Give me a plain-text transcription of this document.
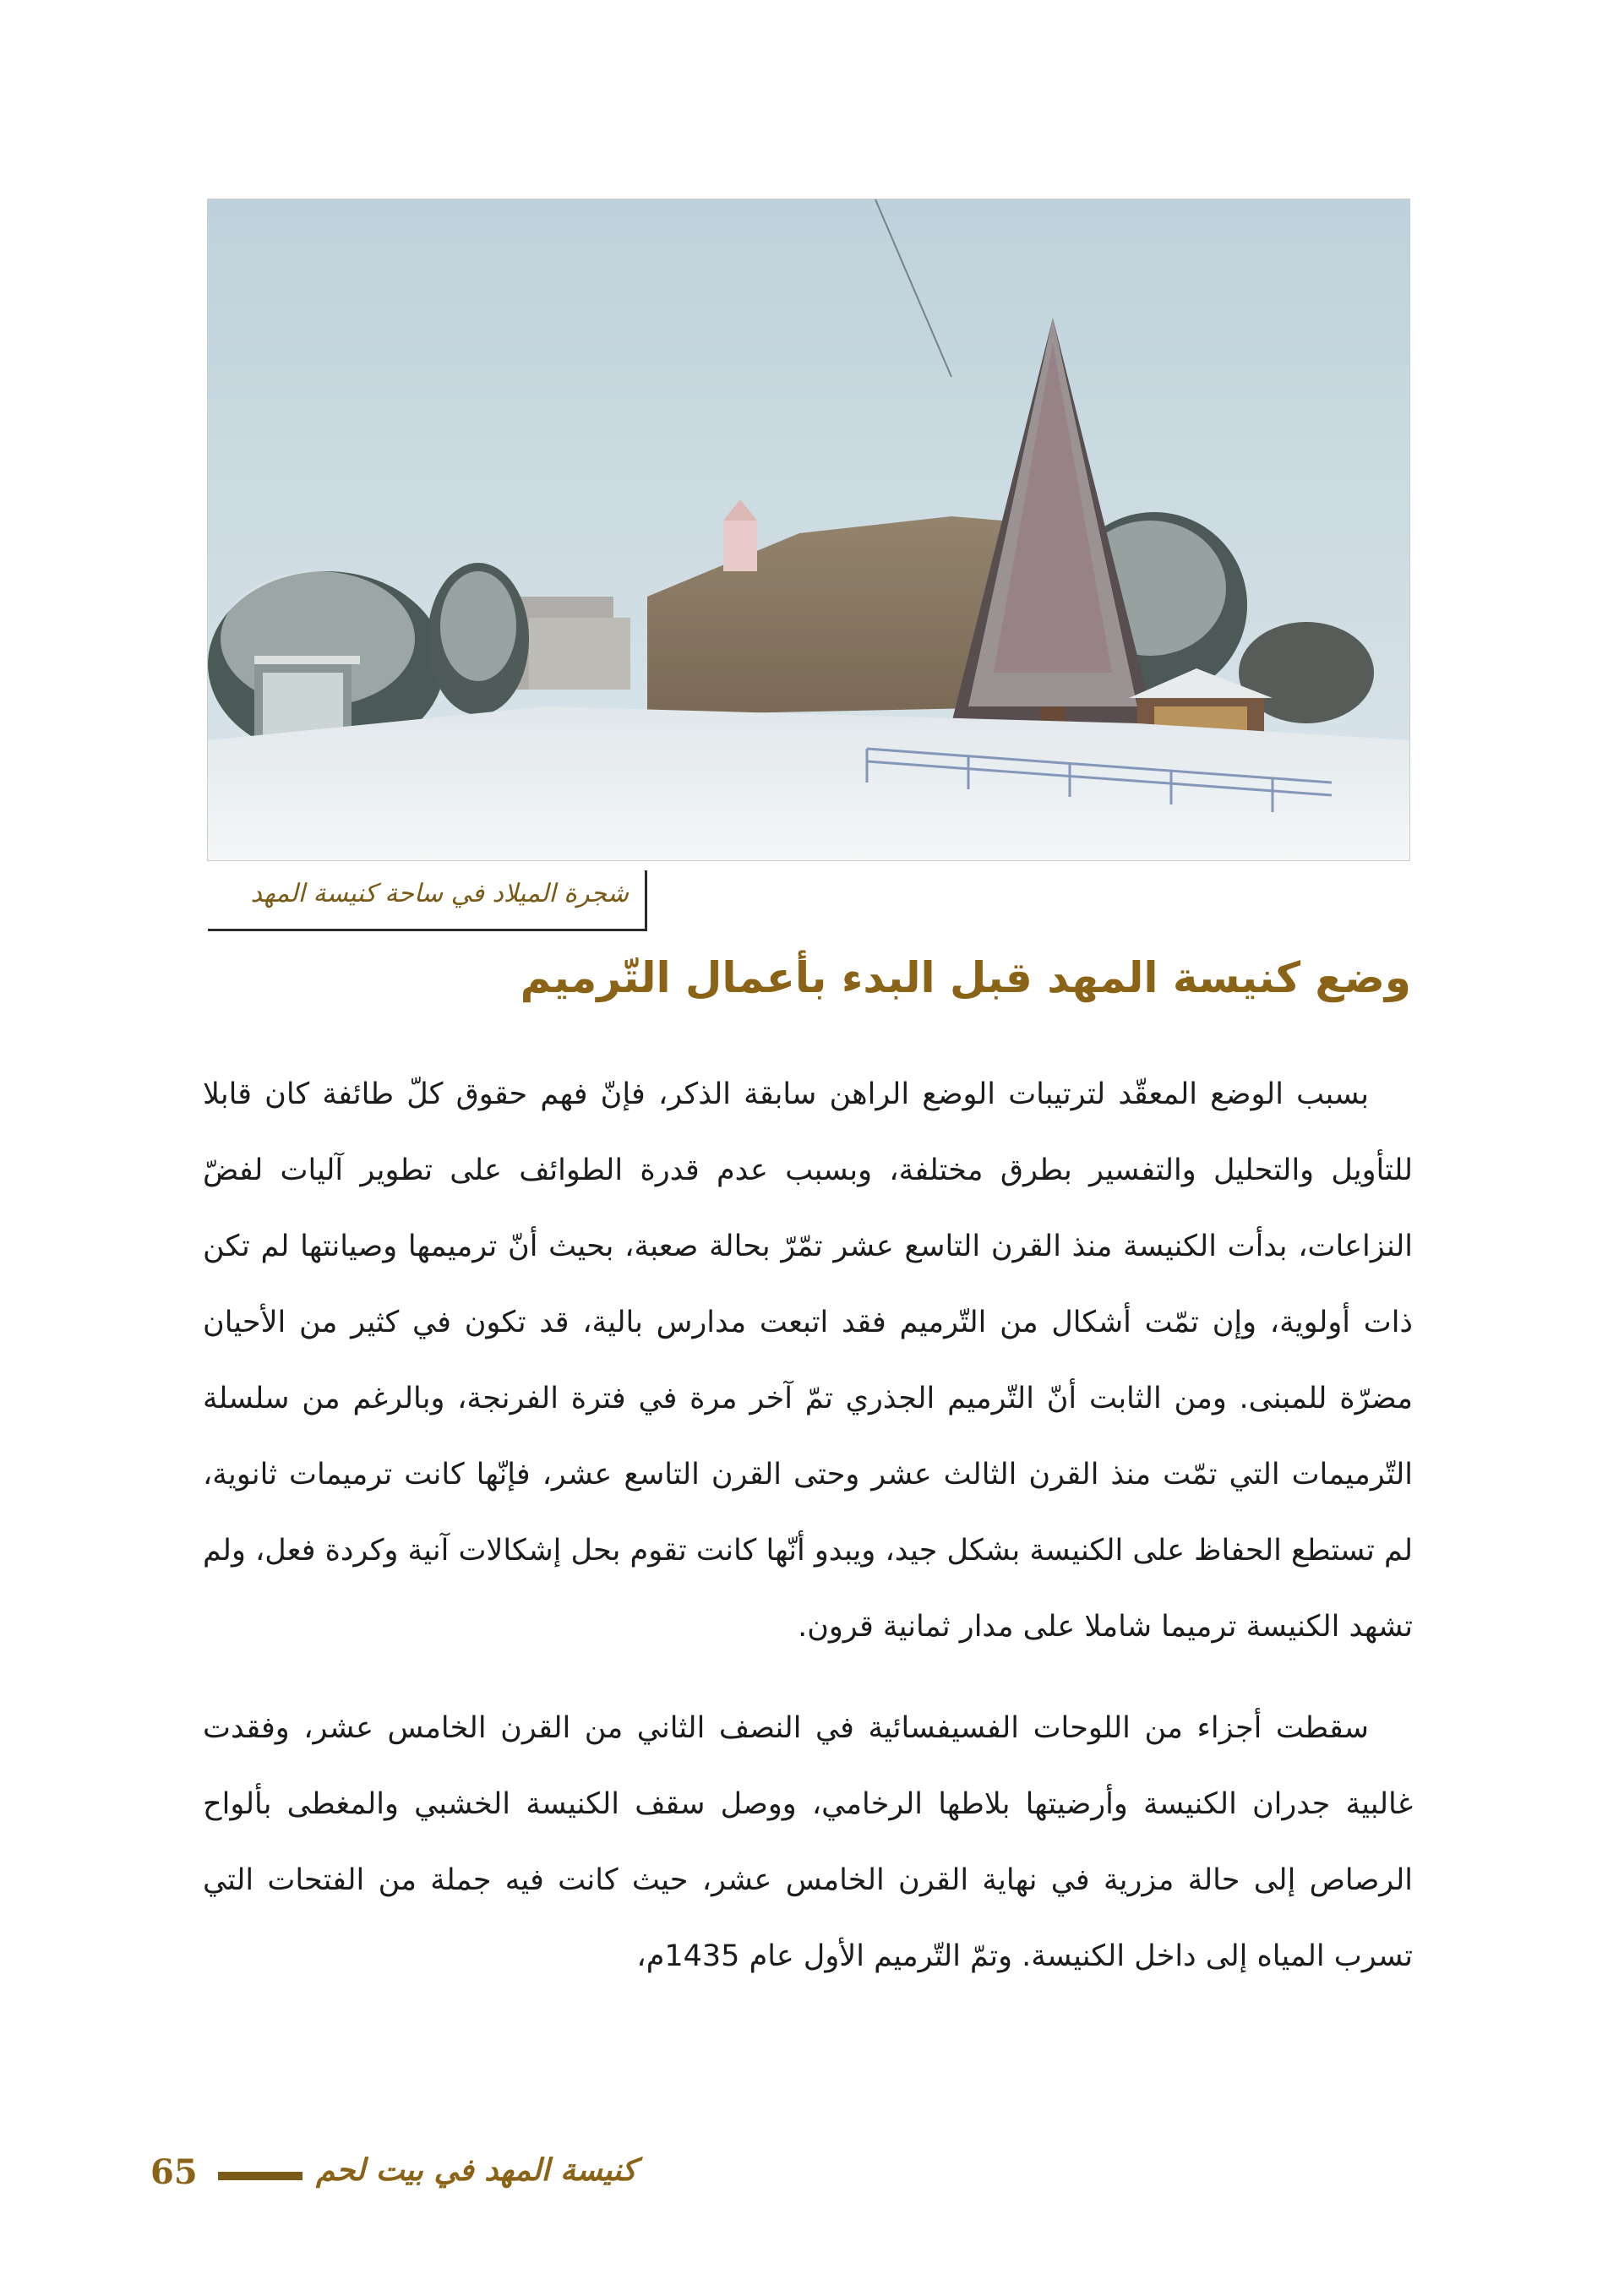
شجرة الميلاد في ساحة كنيسة المهد
وضع كنيسة المهد قبل البدء بأعمال التّرميم

بسبب الوضع المعقّد لترتيبات الوضع الراهن سابقة الذكر، فإنّ فهم حقوق كلّ طائفة كان قابلا للتأويل والتحليل والتفسير بطرق مختلفة، وبسبب عدم قدرة الطوائف على تطوير آليات لفضّ النزاعات، بدأت الكنيسة منذ القرن التاسع عشر تمّرّ بحالة صعبة، بحيث أنّ ترميمها وصيانتها لم تكن ذات أولوية، وإن تمّت أشكال من التّرميم فقد اتبعت مدارس بالية، قد تكون في كثير من الأحيان مضرّة للمبنى. ومن الثابت أنّ التّرميم الجذري تمّ آخر مرة في فترة الفرنجة، وبالرغم من سلسلة التّرميمات التي تمّت منذ القرن الثالث عشر وحتى القرن التاسع عشر، فإنّها كانت ترميمات ثانوية، لم تستطع الحفاظ على الكنيسة بشكل جيد، ويبدو أنّها كانت تقوم بحل إشكالات آنية وكردة فعل، ولم تشهد الكنيسة ترميما شاملا على مدار ثمانية قرون.

سقطت أجزاء من اللوحات الفسيفسائية في النصف الثاني من القرن الخامس عشر، وفقدت غالبية جدران الكنيسة وأرضيتها بلاطها الرخامي، ووصل سقف الكنيسة الخشبي والمغطى بألواح الرصاص إلى حالة مزرية في نهاية القرن الخامس عشر، حيث كانت فيه جملة من الفتحات التي تسرب المياه إلى داخل الكنيسة. وتمّ التّرميم الأول عام 1435م،

65	كنيسة المهد في بيت لحم
